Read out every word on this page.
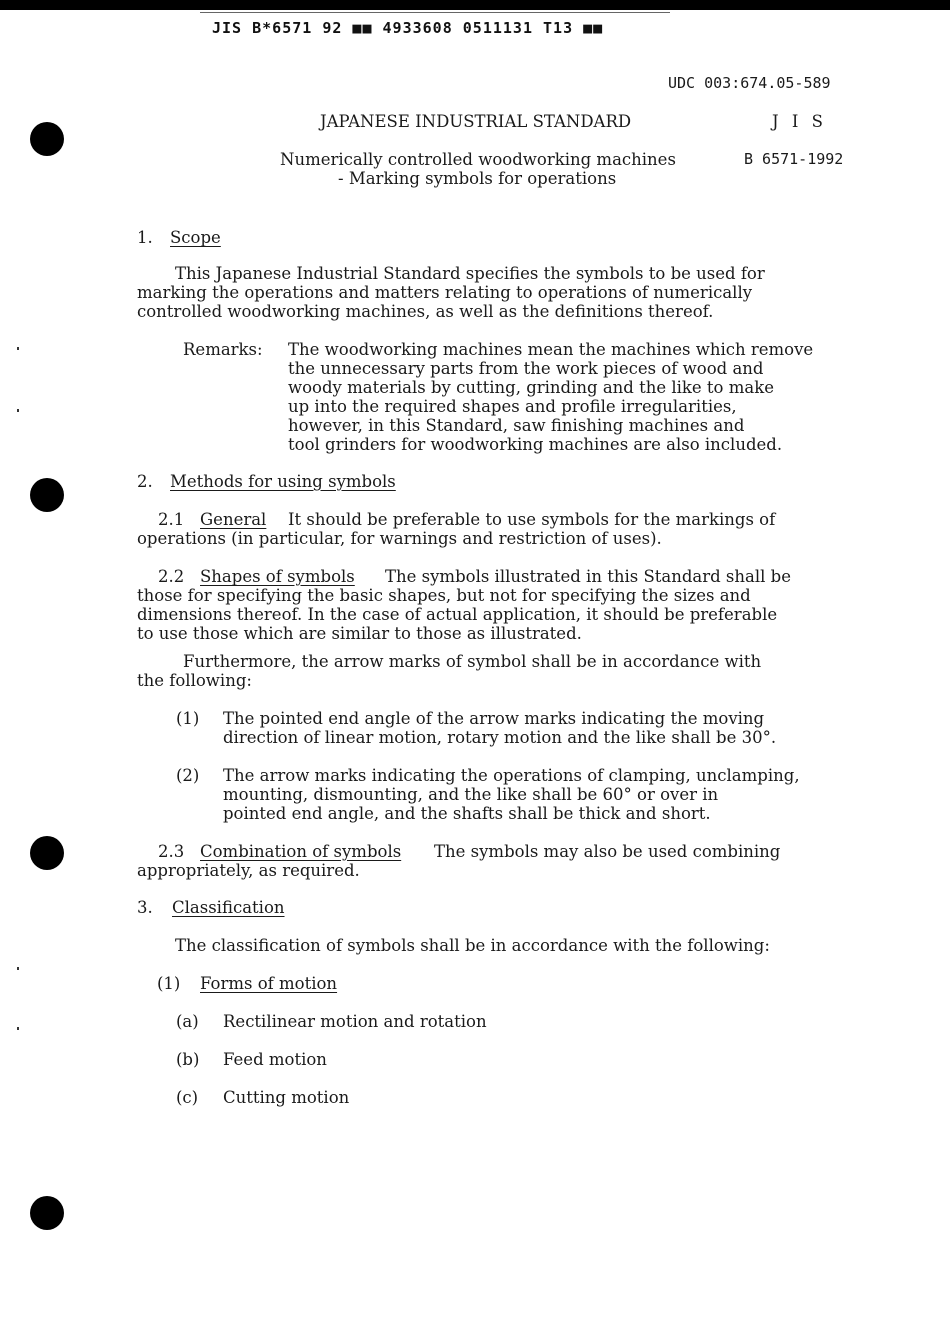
JIS B*6571 92 ■■ 4933608 0511131 T13 ■■
UDC 003:674.05-589
JAPANESE INDUSTRIAL STANDARD	J I S
Numerically controlled woodworking machines
- Marking symbols for operations
B 6571-1992
1. Scope
This Japanese Industrial Standard specifies the symbols to be used for
marking the operations and matters relating to operations of numerically
controlled woodworking machines, as well as the definitions thereof.
Remarks: The woodworking machines mean the machines which remove
the unnecessary parts from the work pieces of wood and
woody materials by cutting, grinding and the like to make
up into the required shapes and profile irregularities,
however, in this Standard, saw finishing machines and
tool grinders for woodworking machines are also included.
2. Methods for using symbols
2.1 General It should be preferable to use symbols for the markings of
operations (in particular, for warnings and restriction of uses).
2.2 Shapes of symbols The symbols illustrated in this Standard shall be
those for specifying the basic shapes, but not for specifying the sizes and
dimensions thereof. In the case of actual application, it should be preferable
to use those which are similar to those as illustrated.
Furthermore, the arrow marks of symbol shall be in accordance with
the following:
(1) The pointed end angle of the arrow marks indicating the moving
direction of linear motion, rotary motion and the like shall be 30°.
(2) The arrow marks indicating the operations of clamping, unclamping,
mounting, dismounting, and the like shall be 60° or over in
pointed end angle, and the shafts shall be thick and short.
2.3 Combination of symbols The symbols may also be used combining
appropriately, as required.
3. Classification
The classification of symbols shall be in accordance with the following:
(1) Forms of motion
(a) Rectilinear motion and rotation
(b) Feed motion
(c) Cutting motion
